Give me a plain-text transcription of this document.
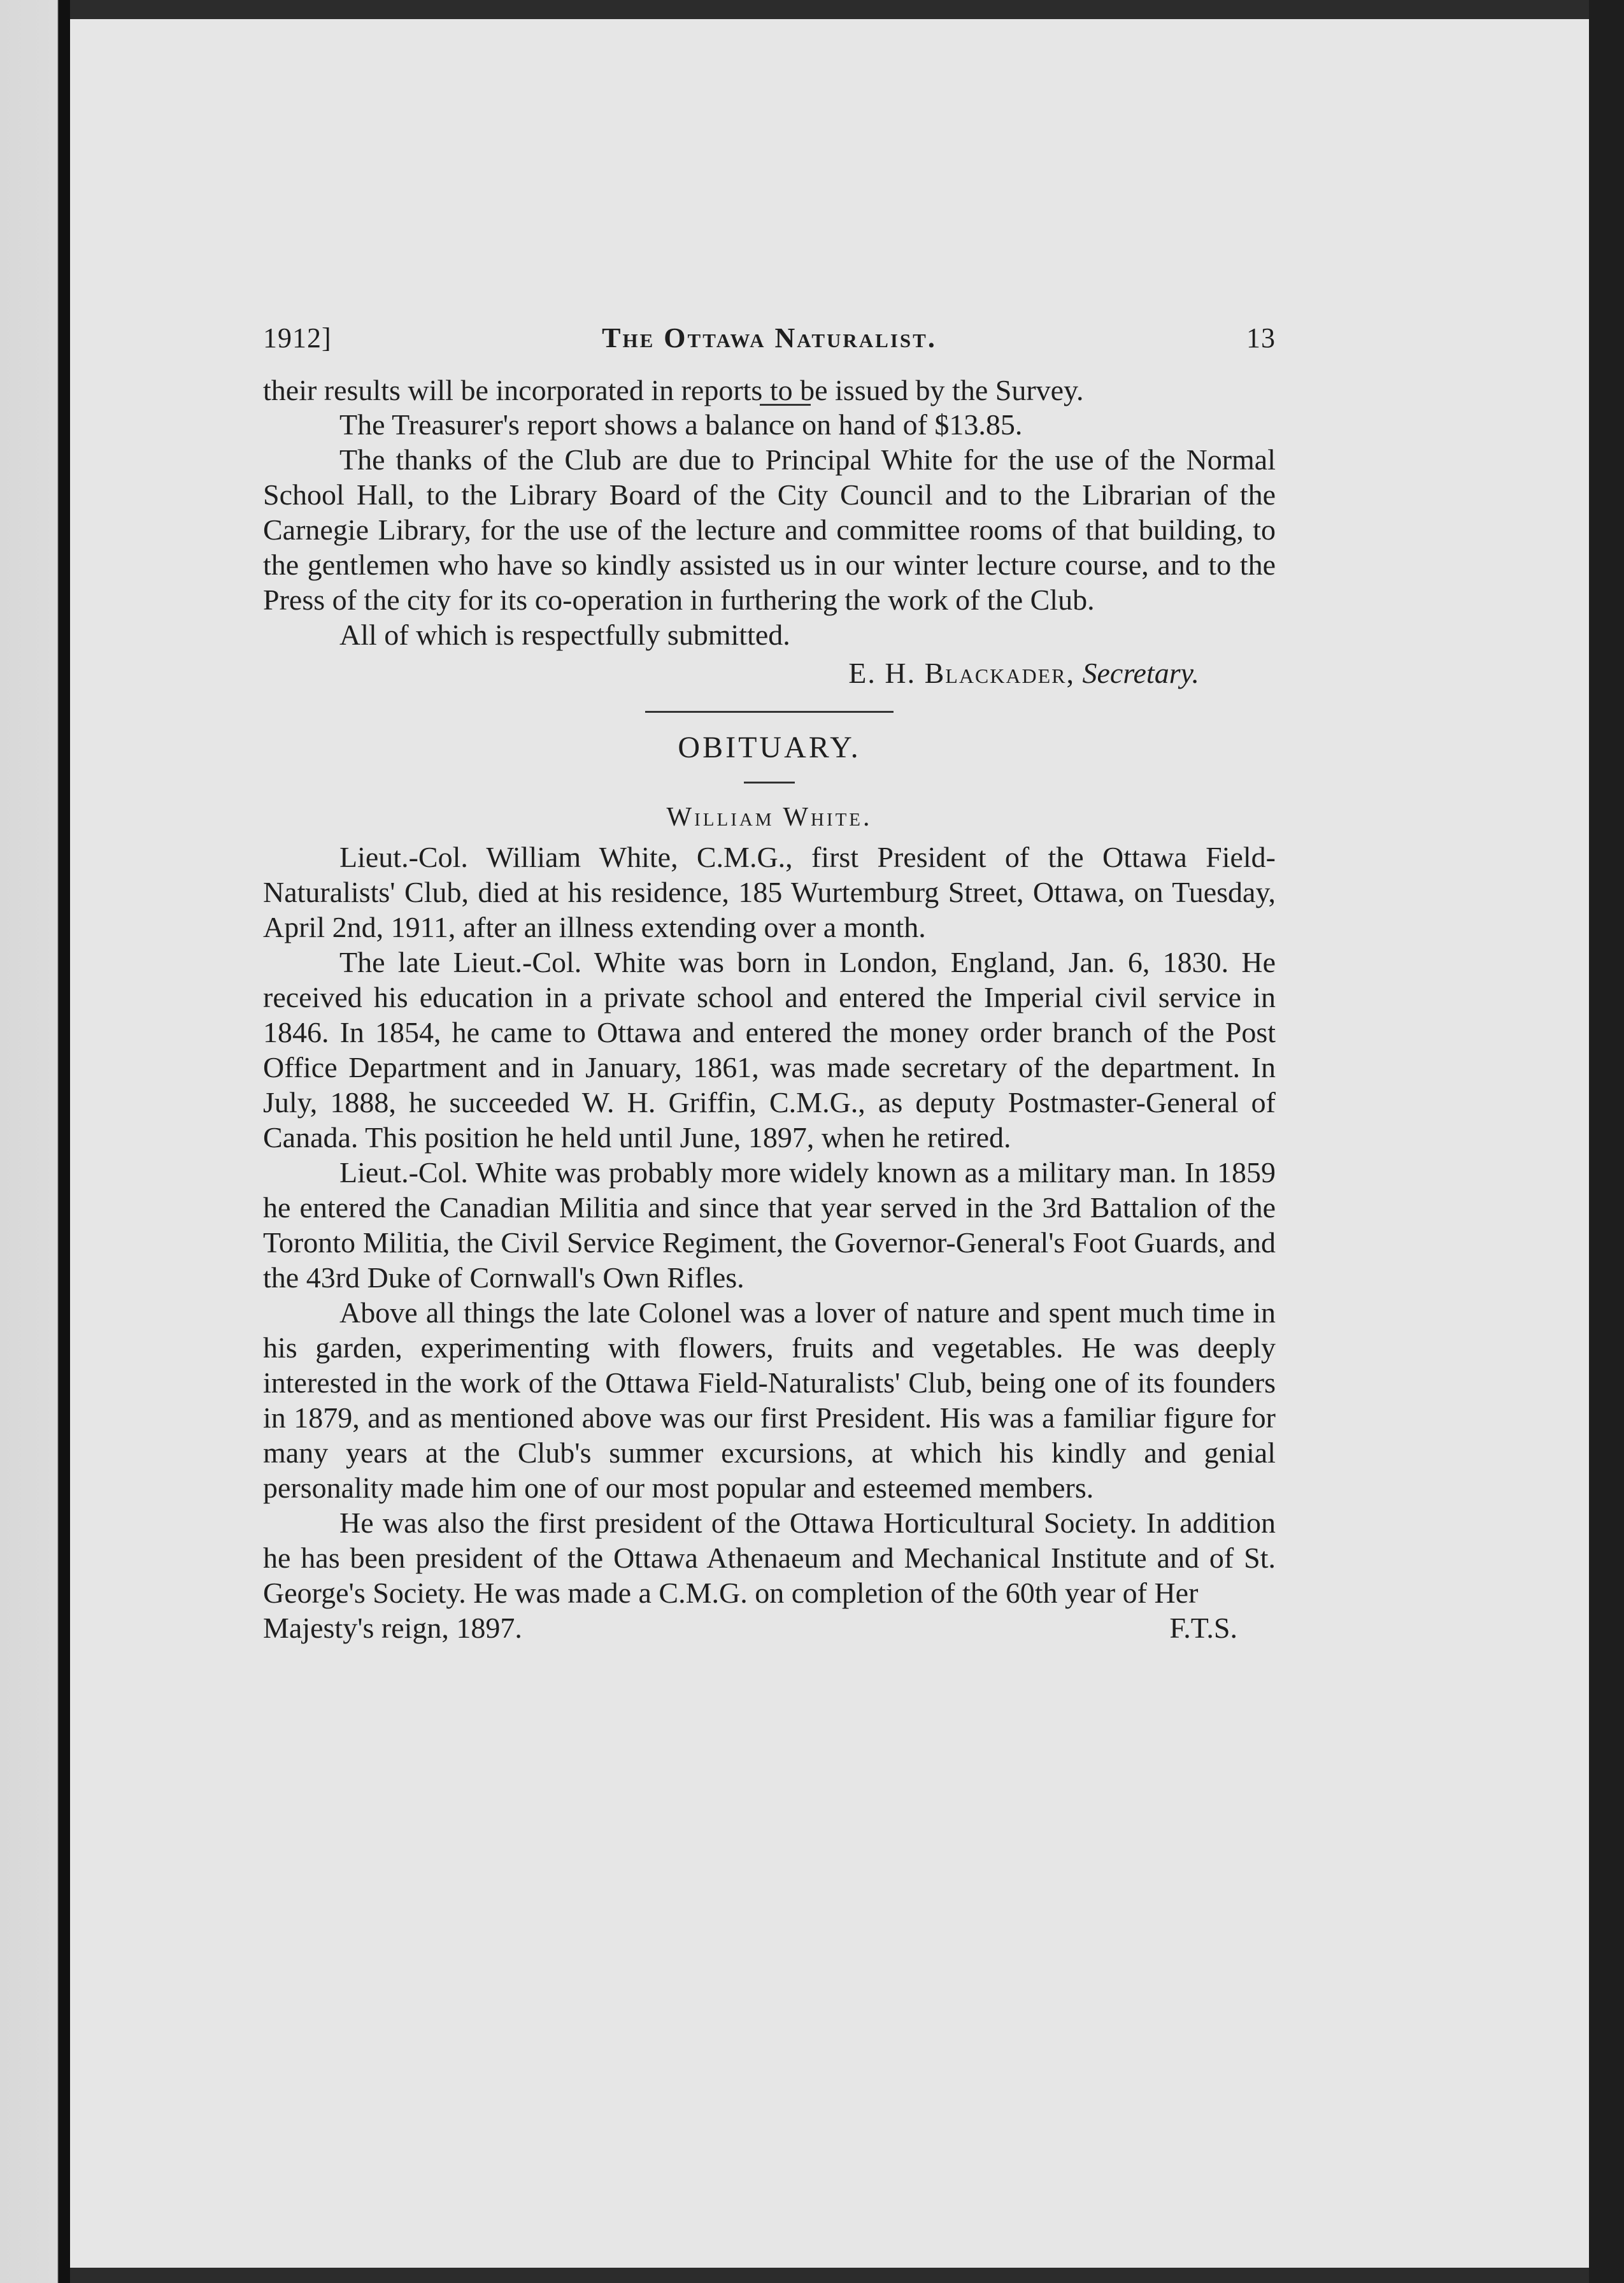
1912]	The Ottawa Naturalist.	13

their results will be incorporated in reports to be issued by the Survey.

The Treasurer's report shows a balance on hand of $13.85.

The thanks of the Club are due to Principal White for the use of the Normal School Hall, to the Library Board of the City Council and to the Librarian of the Carnegie Library, for the use of the lecture and committee rooms of that building, to the gentlemen who have so kindly assisted us in our winter lecture course, and to the Press of the city for its co-operation in furthering the work of the Club.

All of which is respectfully submitted.

E. H. Blackader, Secretary.
OBITUARY.
William White.

Lieut.-Col. William White, C.M.G., first President of the Ottawa Field-Naturalists' Club, died at his residence, 185 Wurtemburg Street, Ottawa, on Tuesday, April 2nd, 1911, after an illness extending over a month.

The late Lieut.-Col. White was born in London, England, Jan. 6, 1830. He received his education in a private school and entered the Imperial civil service in 1846. In 1854, he came to Ottawa and entered the money order branch of the Post Office Department and in January, 1861, was made secretary of the department. In July, 1888, he succeeded W. H. Griffin, C.M.G., as deputy Postmaster-General of Canada. This position he held until June, 1897, when he retired.

Lieut.-Col. White was probably more widely known as a military man. In 1859 he entered the Canadian Militia and since that year served in the 3rd Battalion of the Toronto Militia, the Civil Service Regiment, the Governor-General's Foot Guards, and the 43rd Duke of Cornwall's Own Rifles.

Above all things the late Colonel was a lover of nature and spent much time in his garden, experimenting with flowers, fruits and vegetables. He was deeply interested in the work of the Ottawa Field-Naturalists' Club, being one of its founders in 1879, and as mentioned above was our first President. His was a familiar figure for many years at the Club's summer excursions, at which his kindly and genial personality made him one of our most popular and esteemed members.

He was also the first president of the Ottawa Horticultural Society. In addition he has been president of the Ottawa Athenaeum and Mechanical Institute and of St. George's Society. He was made a C.M.G. on completion of the 60th year of Her

Majesty's reign, 1897.	F.T.S.
